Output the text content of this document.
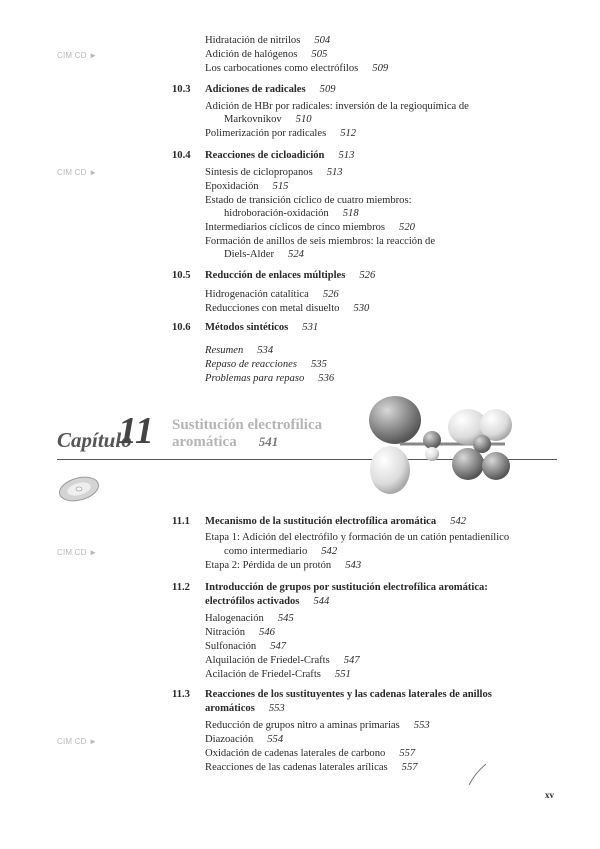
CIM CD ►
Hidratación de nitrilos 504
Adición de halógenos 505
Los carbocationes como electrófilos 509
10.3 Adiciones de radicales 509
Adición de HBr por radicales: inversión de la regioquímica de
Markovnikov 510
Polimerización por radicales 512
CIM CD ►
10.4 Reacciones de cicloadición 513
Síntesis de ciclopropanos 513
Epoxidación 515
Estado de transición cíclico de cuatro miembros:
hidroboración-oxidación 518
Intermediarios cíclicos de cinco miembros 520
Formación de anillos de seis miembros: la reacción de
Diels-Alder 524
10.5 Reducción de enlaces múltiples 526
Hidrogenación catalítica 526
Reducciones con metal disuelto 530
10.6 Métodos sintéticos 531
Resumen 534
Repaso de reacciones 535
Problemas para repaso 536
Capítulo
11 Sustitución electrofílica
aromática 541
11.1 Mecanismo de la sustitución electrofílica aromática 542
Etapa 1: Adición del electrófilo y formación de un catión pentadienílico
CIM CD ►	como intermediario 542
Etapa 2: Pérdida de un protón 543
11.2 Introducción de grupos por sustitución electrofílica aromática:
electrófilos activados 544
Halogenación 545
Nitración 546
Sulfonación 547
Alquilación de Friedel-Crafts 547
Acilación de Friedel-Crafts 551
11.3 Reacciones de los sustituyentes y las cadenas laterales de anillos
aromáticos 553
Reducción de grupos nitro a aminas primarias 553
CIM CD ►	Diazoación 554
Oxidación de cadenas laterales de carbono 557
Reacciones de las cadenas laterales arílicas 557
xv
